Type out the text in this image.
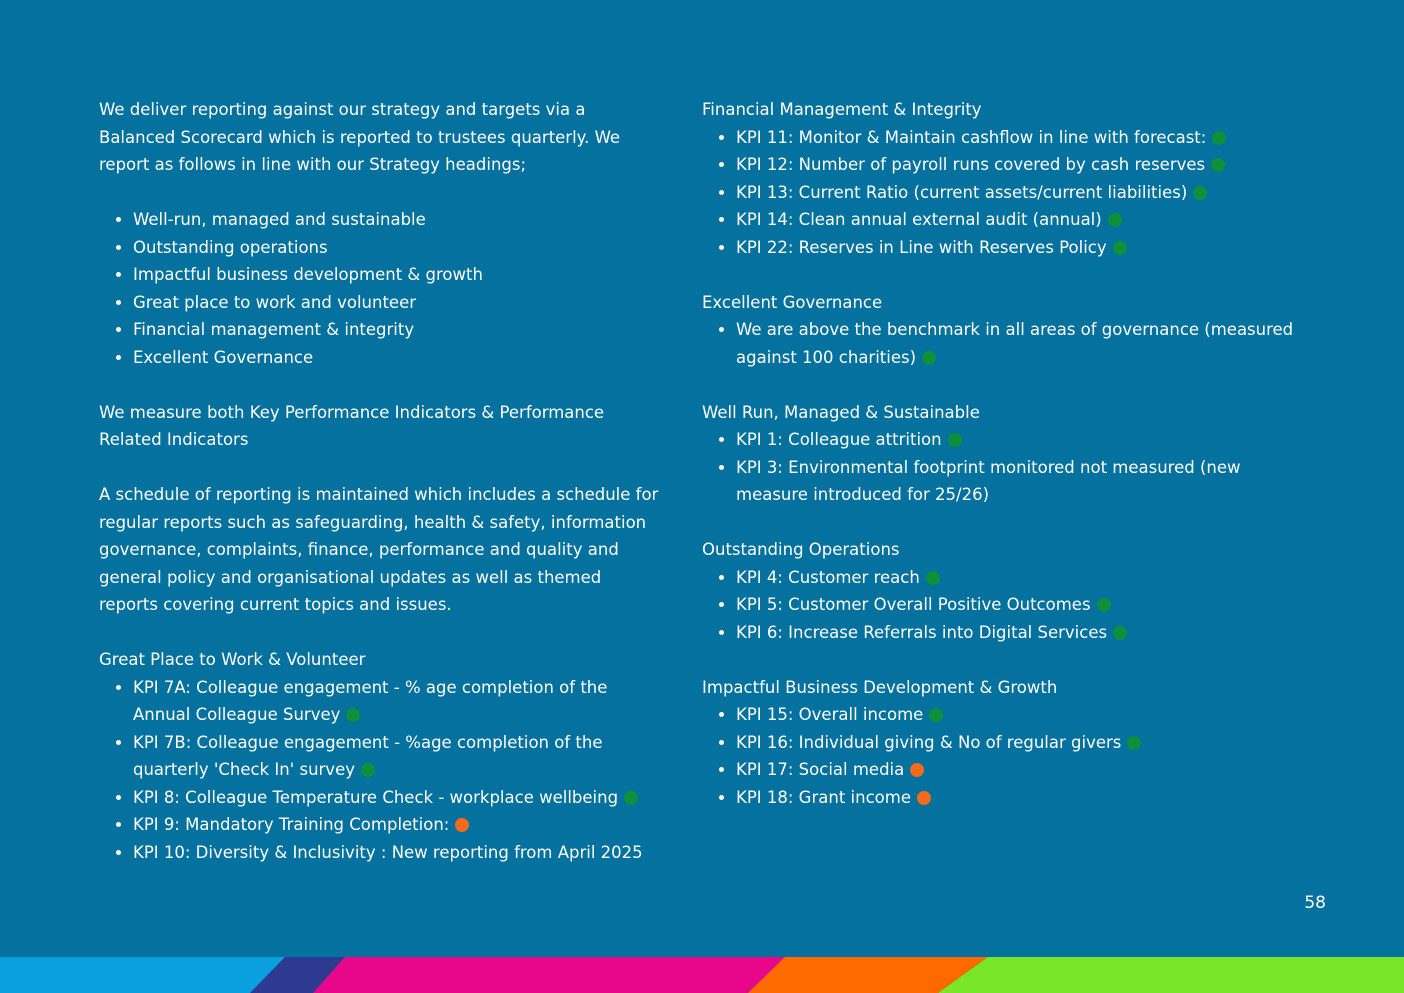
We deliver reporting against our strategy and targets via a Balanced Scorecard which is reported to trustees quarterly. We report as follows in line with our Strategy headings;

• Well-run, managed and sustainable
• Outstanding operations
• Impactful business development & growth
• Great place to work and volunteer
• Financial management & integrity
• Excellent Governance

We measure both Key Performance Indicators & Performance Related Indicators

A schedule of reporting is maintained which includes a schedule for regular reports such as safeguarding, health & safety, information governance, complaints, finance, performance and quality and general policy and organisational updates as well as themed reports covering current topics and issues.

Great Place to Work & Volunteer

• KPI 7A: Colleague engagement - % age completion of the Annual Colleague Survey
• KPI 7B: Colleague engagement - %age completion of the quarterly 'Check In' survey
• KPI 8: Colleague Temperature Check - workplace wellbeing
• KPI 9: Mandatory Training Completion:
• KPI 10: Diversity & Inclusivity : New reporting from April 2025

Financial Management & Integrity

• KPI 11: Monitor & Maintain cashflow in line with forecast:
• KPI 12: Number of payroll runs covered by cash reserves
• KPI 13: Current Ratio (current assets/current liabilities)
• KPI 14: Clean annual external audit (annual)
• KPI 22: Reserves in Line with Reserves Policy

Excellent Governance

• We are above the benchmark in all areas of governance (measured against 100 charities)

Well Run, Managed & Sustainable

• KPI 1: Colleague attrition
• KPI 3: Environmental footprint monitored not measured (new measure introduced for 25/26)

Outstanding Operations

• KPI 4: Customer reach
• KPI 5: Customer Overall Positive Outcomes
• KPI 6: Increase Referrals into Digital Services

Impactful Business Development & Growth

• KPI 15: Overall income
• KPI 16: Individual giving & No of regular givers
• KPI 17: Social media
• KPI 18: Grant income
58
